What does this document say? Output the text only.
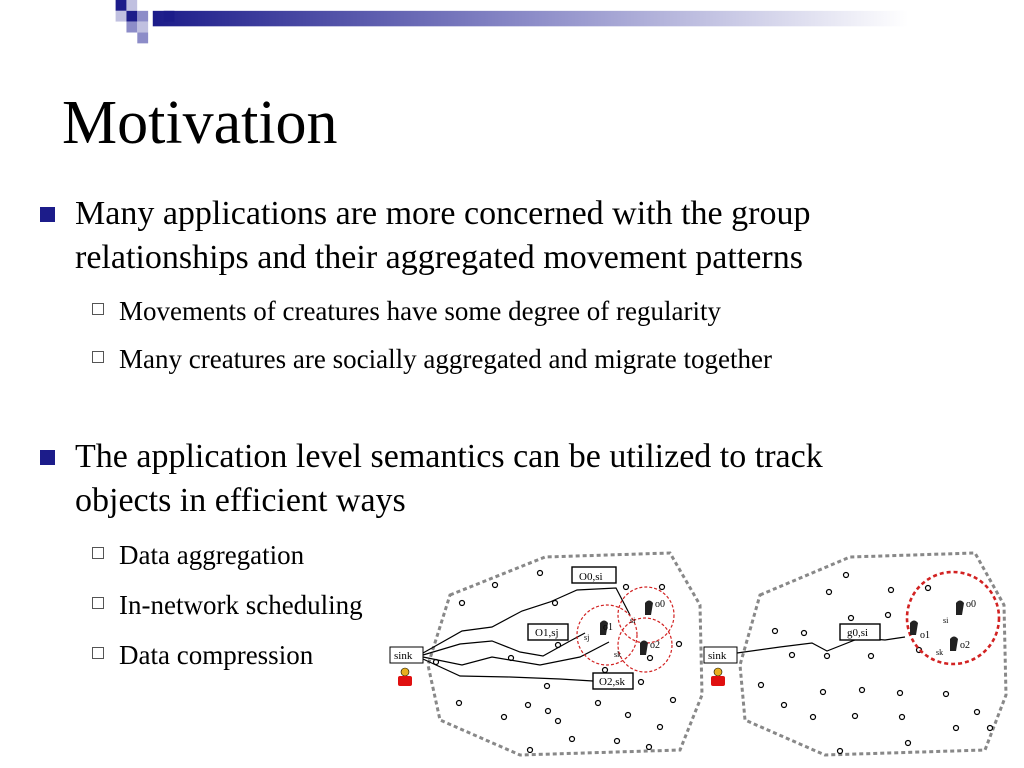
Motivation
Many applications are more concerned with the group relationships and their aggregated movement patterns
Movements of creatures have some degree of regularity
Many creatures are socially aggregated and migrate together
The application level semantics can be utilized to track objects in efficient ways
Data aggregation
In-network scheduling
Data compression
o0
o1
o2
si
sj
sk
O0,si
O1,sj
O2,sk
sink
o0
o1
o2
si
sk
g0,si
sink
